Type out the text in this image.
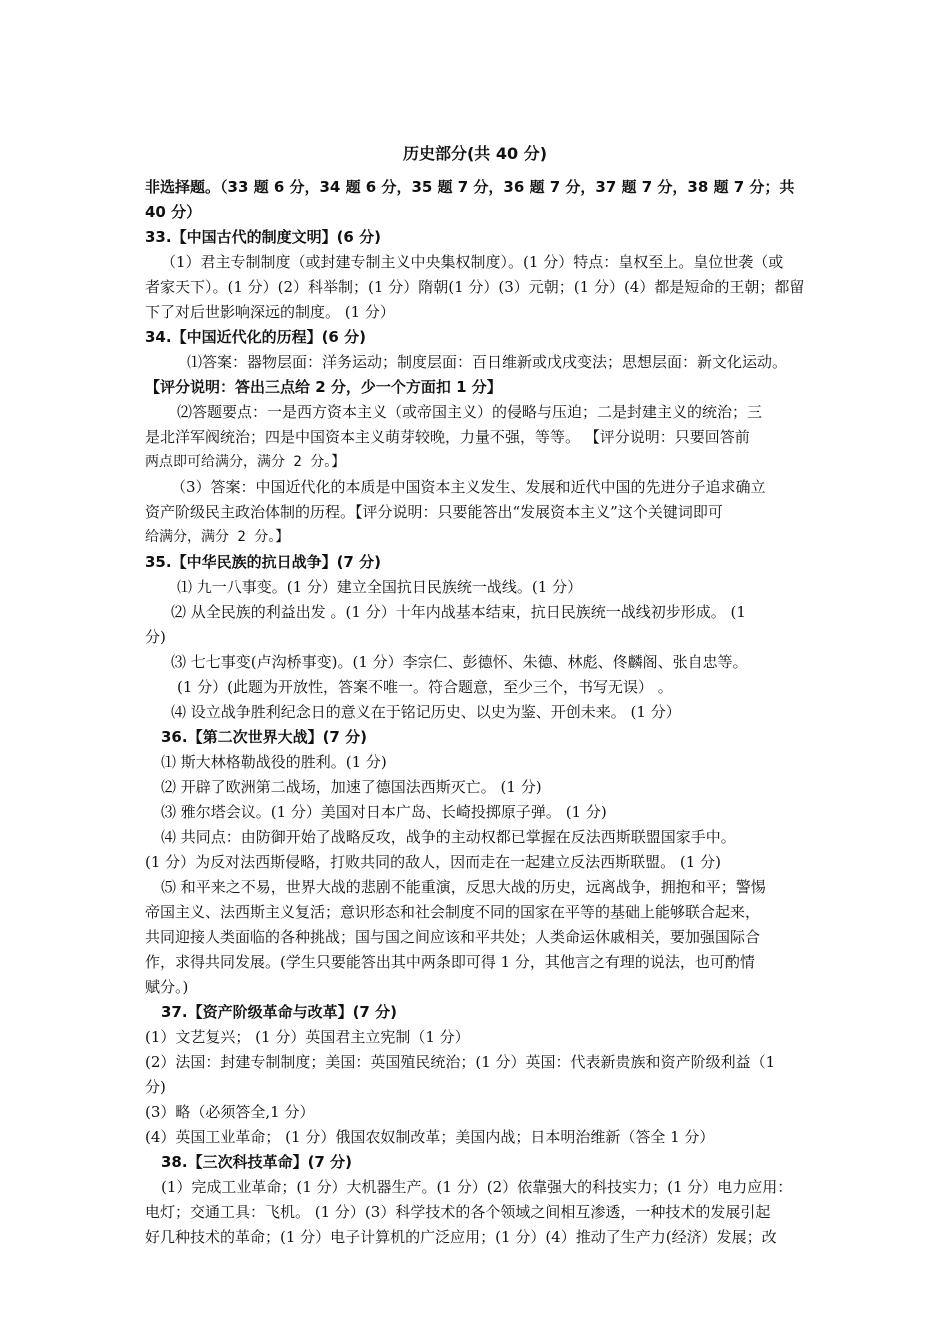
历史部分(共 40 分)

非选择题。（33 题 6 分，34 题 6 分，35 题 7 分，36 题 7 分，37 题 7 分，38 题 7 分；共 40 分）

33.【中国古代的制度文明】(6 分)

（1）君主专制制度（或封建专制主义中央集权制度）。(1 分）特点：皇权至上。皇位世袭（或

者家天下）。(1 分）(2）科举制；(1 分）隋朝(1 分）(3）元朝；(1 分）(4）都是短命的王朝；都留

下了对后世影响深远的制度。 (1 分）

34.【中国近代化的历程】(6 分)

⑴答案：器物层面：洋务运动；制度层面：百日维新或戊戌变法；思想层面：新文化运动。

【评分说明：答出三点给 2 分，少一个方面扣 1 分】

⑵答题要点：一是西方资本主义（或帝国主义）的侵略与压迫；二是封建主义的统治；三

是北洋军阀统治；四是中国资本主义萌芽较晚，力量不强，等等。 【评分说明：只要回答前

两点即可给满分，满分 2 分。】

（3）答案：中国近代化的本质是中国资本主义发生、发展和近代中国的先进分子追求确立

资产阶级民主政治体制的历程。【评分说明：只要能答出“发展资本主义”这个关键词即可

给满分，满分 2 分。】

35.【中华民族的抗日战争】(7 分)

⑴ 九一八事变。(1 分）建立全国抗日民族统一战线。(1 分）

⑵ 从全民族的利益出发 。(1 分）十年内战基本结束，抗日民族统一战线初步形成。 (1

分)

⑶ 七七事变(卢沟桥事变)。(1 分）李宗仁、彭德怀、朱德、林彪、佟麟阁、张自忠等。

(1 分）(此题为开放性，答案不唯一。符合题意，至少三个，书写无误） 。

⑷ 设立战争胜利纪念日的意义在于铭记历史、以史为鉴、开创未来。 (1 分）

36.【第二次世界大战】(7 分)

⑴ 斯大林格勒战役的胜利。(1 分)

⑵ 开辟了欧洲第二战场，加速了德国法西斯灭亡。 (1 分)

⑶ 雅尔塔会议。(1 分）美国对日本广岛、长崎投掷原子弹。 (1 分)

⑷ 共同点：由防御开始了战略反攻，战争的主动权都已掌握在反法西斯联盟国家手中。

(1 分）为反对法西斯侵略，打败共同的敌人，因而走在一起建立反法西斯联盟。 (1 分)

⑸ 和平来之不易，世界大战的悲剧不能重演，反思大战的历史，远离战争，拥抱和平；警惕

帝国主义、法西斯主义复活；意识形态和社会制度不同的国家在平等的基础上能够联合起来，

共同迎接人类面临的各种挑战；国与国之间应该和平共处；人类命运休戚相关，要加强国际合

作，求得共同发展。(学生只要能答出其中两条即可得 1 分，其他言之有理的说法，也可酌情

赋分。)

37.【资产阶级革命与改革】(7 分)

(1）文艺复兴； (1 分）英国君主立宪制（1 分）

(2）法国：封建专制制度；美国：英国殖民统治；(1 分）英国：代表新贵族和资产阶级利益（1

分)

(3）略（必须答全,1 分）

(4）英国工业革命； (1 分）俄国农奴制改革；美国内战；日本明治维新（答全 1 分）

38.【三次科技革命】(7 分)

(1）完成工业革命；(1 分）大机器生产。(1 分）(2）依靠强大的科技实力；(1 分）电力应用：

电灯；交通工具：飞机。 (1 分）(3）科学技术的各个领域之间相互渗透，一种技术的发展引起

好几种技术的革命；(1 分）电子计算机的广泛应用；(1 分）(4）推动了生产力(经济）发展；改
